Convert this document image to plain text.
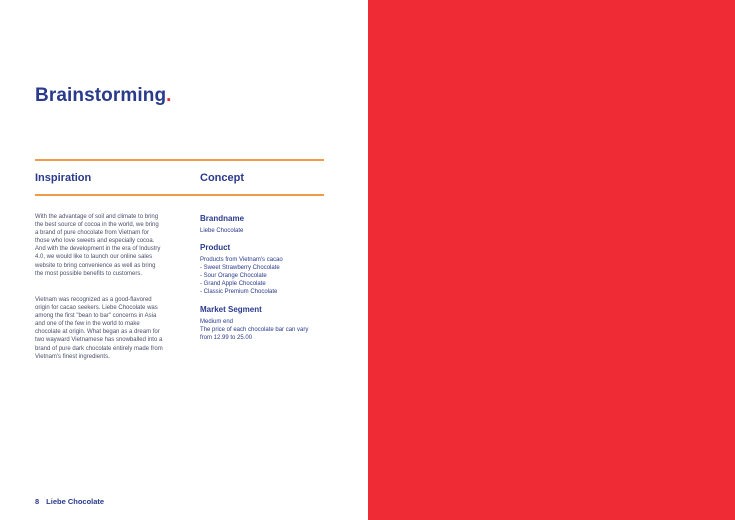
Brainstorming.
Inspiration	Concept

With the advantage of soil and climate to bring the best source of cocoa in the world, we bring a brand of pure chocolate from Vietnam for those who love sweets and especially cocoa. And with the development in the era of Industry 4.0, we would like to launch our online sales website to bring convenience as well as bring the most possible benefits to customers.

Vietnam was recognized as a good-flavored origin for cacao seekers. Liebe Chocolate was among the first "bean to bar" concerns in Asia and one of the few in the world to make chocolate at origin. What began as a dream for two wayward Vietnamese has snowballed into a brand of pure dark chocolate entirely made from Vietnam's finest ingredients.

Brandname

Liebe Chocolate

Product

Products from Vietnam's cacao
- Sweet Strawberry Chocolate
- Sour Orange Chocolate
- Grand Apple Chocolate
- Classic Premium Chocolate

Market Segment

Medium end
The price of each chocolate bar can vary
from 12.99 to 25.00

8 Liebe Chocolate
